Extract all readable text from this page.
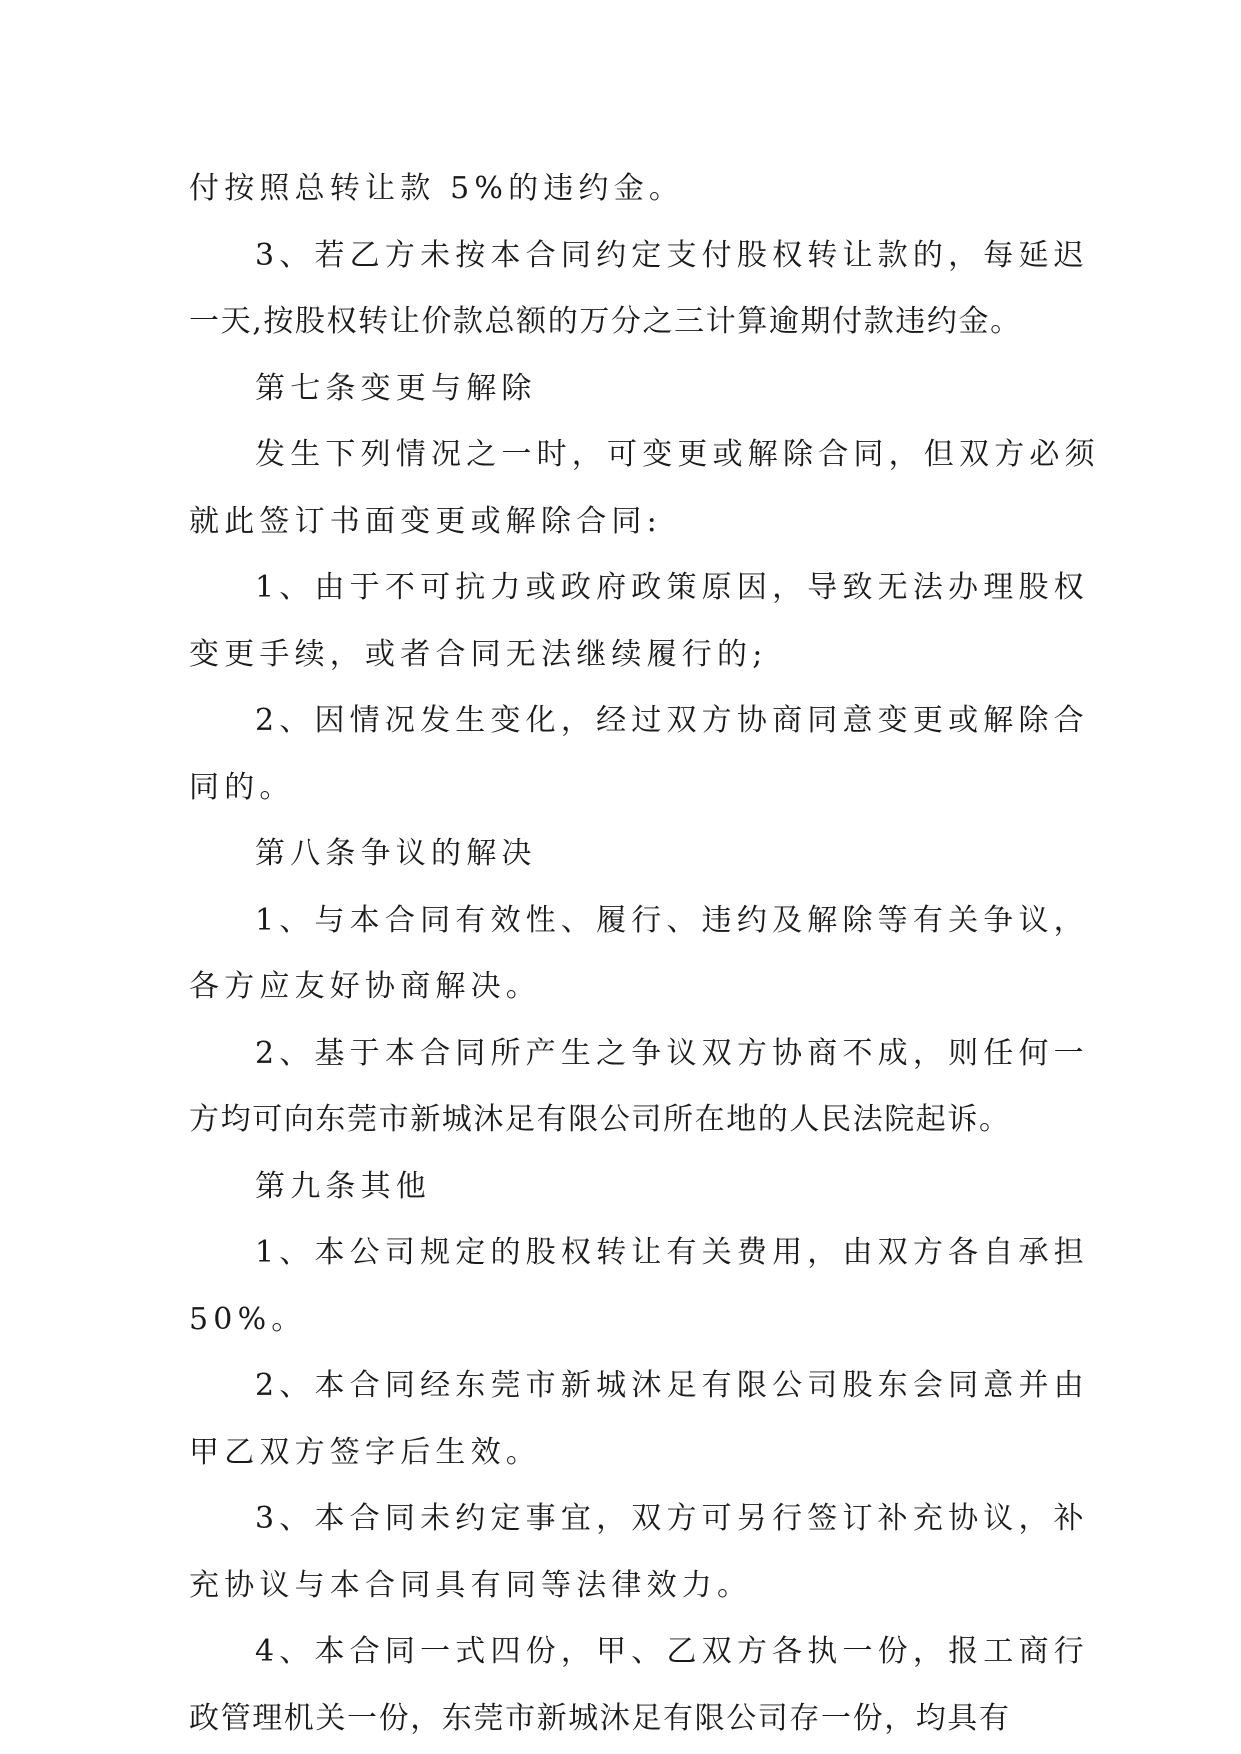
付按照总转让款 5%的违约金。
3、若乙方未按本合同约定支付股权转让款的，每延迟
一天,按股权转让价款总额的万分之三计算逾期付款违约金。
第七条变更与解除
发生下列情况之一时，可变更或解除合同，但双方必须
就此签订书面变更或解除合同:
1、由于不可抗力或政府政策原因，导致无法办理股权
变更手续，或者合同无法继续履行的;
2、因情况发生变化，经过双方协商同意变更或解除合
同的。
第八条争议的解决
1、与本合同有效性、履行、违约及解除等有关争议，
各方应友好协商解决。
2、基于本合同所产生之争议双方协商不成，则任何一
方均可向东莞市新城沐足有限公司所在地的人民法院起诉。
第九条其他
1、本公司规定的股权转让有关费用，由双方各自承担
50%。
2、本合同经东莞市新城沐足有限公司股东会同意并由
甲乙双方签字后生效。
3、本合同未约定事宜，双方可另行签订补充协议，补
充协议与本合同具有同等法律效力。
4、本合同一式四份，甲、乙双方各执一份，报工商行
政管理机关一份，东莞市新城沐足有限公司存一份，均具有
